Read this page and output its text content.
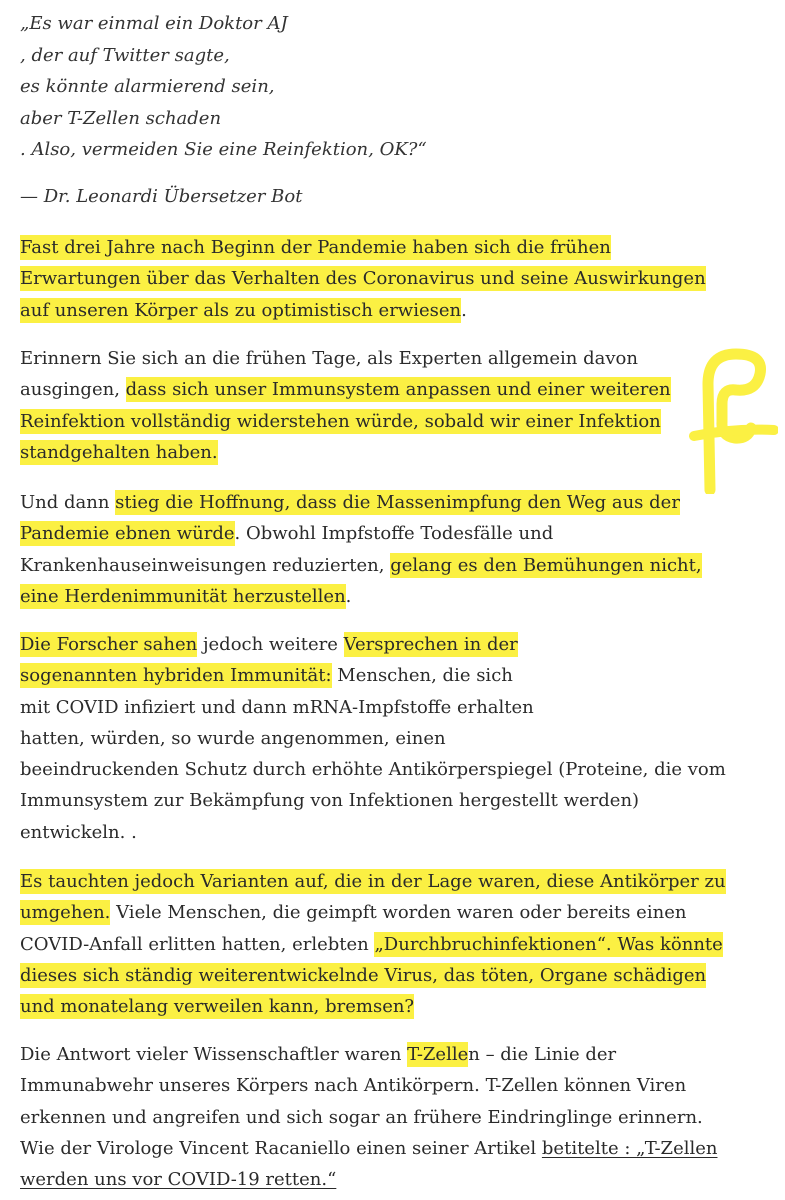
„Es war einmal ein Doktor AJ
, der auf Twitter sagte,
es könnte alarmierend sein,
aber T-Zellen schaden
. Also, vermeiden Sie eine Reinfektion, OK?“

— Dr. Leonardi Übersetzer Bot

Fast drei Jahre nach Beginn der Pandemie haben sich die frühen
Erwartungen über das Verhalten des Coronavirus und seine Auswirkungen
auf unseren Körper als zu optimistisch erwiesen.

Erinnern Sie sich an die frühen Tage, als Experten allgemein davon
ausgingen, dass sich unser Immunsystem anpassen und einer weiteren
Reinfektion vollständig widerstehen würde, sobald wir einer Infektion
standgehalten haben.

Und dann stieg die Hoffnung, dass die Massenimpfung den Weg aus der
Pandemie ebnen würde. Obwohl Impfstoffe Todesfälle und
Krankenhauseinweisungen reduzierten, gelang es den Bemühungen nicht,
eine Herdenimmunität herzustellen.

Die Forscher sahen jedoch weitere Versprechen in der
sogenannten hybriden Immunität: Menschen, die sich
mit COVID infiziert und dann mRNA-Impfstoffe erhalten
hatten, würden, so wurde angenommen, einen
beeindruckenden Schutz durch erhöhte Antikörperspiegel (Proteine, die vom
Immunsystem zur Bekämpfung von Infektionen hergestellt werden)
entwickeln. .

Es tauchten jedoch Varianten auf, die in der Lage waren, diese Antikörper zu
umgehen. Viele Menschen, die geimpft worden waren oder bereits einen
COVID-Anfall erlitten hatten, erlebten „Durchbruchinfektionen“. Was könnte
dieses sich ständig weiterentwickelnde Virus, das töten, Organe schädigen
und monatelang verweilen kann, bremsen?

Die Antwort vieler Wissenschaftler waren T-Zellen – die Linie der
Immunabwehr unseres Körpers nach Antikörpern. T-Zellen können Viren
erkennen und angreifen und sich sogar an frühere Eindringlinge erinnern.
Wie der Virologe Vincent Racaniello einen seiner Artikel betitelte : „T-Zellen
werden uns vor COVID-19 retten.“
